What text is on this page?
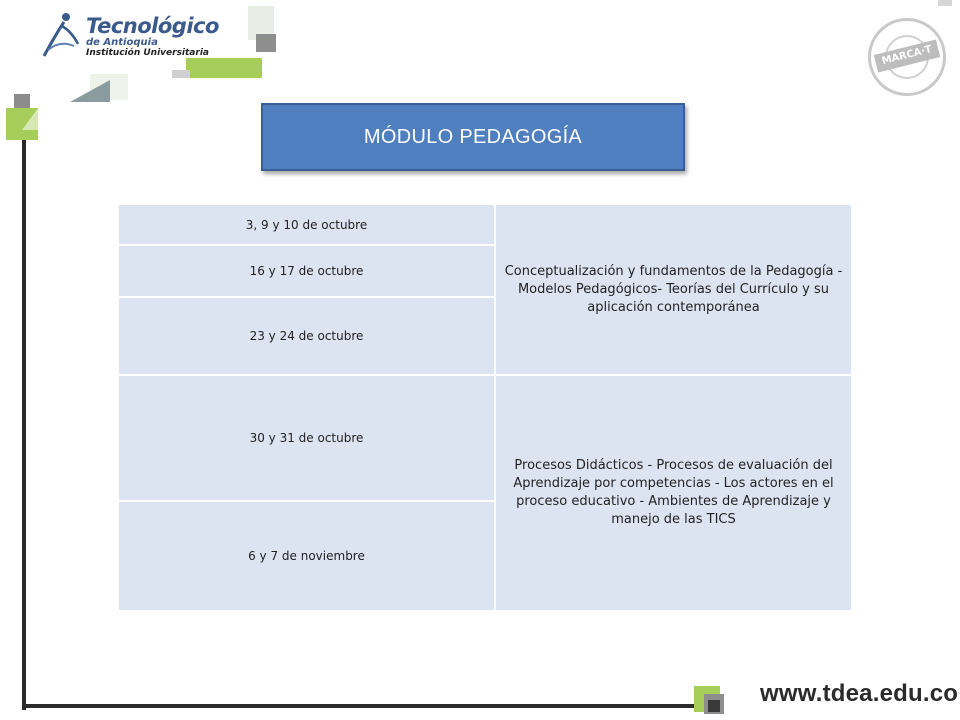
Tecnológico
de Antioquia
Institución Universitaria	MARCA·T
MÓDULO PEDAGOGÍA
3, 9 y 10 de octubre	Conceptualización y fundamentos de la Pedagogía - Modelos Pedagógicos- Teorías del Currículo y su aplicación contemporánea
16 y 17 de octubre	
23 y 24 de octubre	
30 y 31 de octubre	Procesos Didácticos - Procesos de evaluación del Aprendizaje por competencias - Los actores en el proceso educativo - Ambientes de Aprendizaje y manejo de las TICS
6 y 7 de noviembre	
www.tdea.edu.co
